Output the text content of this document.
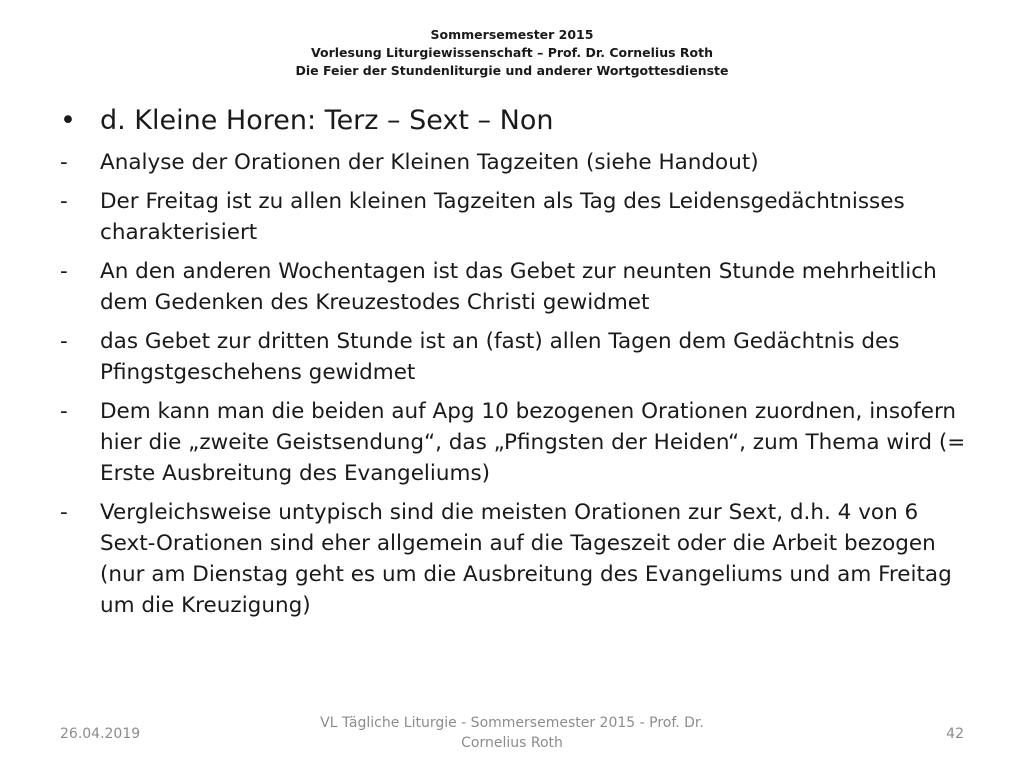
Sommersemester 2015
Vorlesung Liturgiewissenschaft – Prof. Dr. Cornelius Roth
Die Feier der Stundenliturgie und anderer Wortgottesdienste
• d. Kleine Horen: Terz – Sext – Non
- Analyse der Orationen der Kleinen Tagzeiten (siehe Handout)
- Der Freitag ist zu allen kleinen Tagzeiten als Tag des Leidensgedächtnisses charakterisiert
- An den anderen Wochentagen ist das Gebet zur neunten Stunde mehrheitlich dem Gedenken des Kreuzestodes Christi gewidmet
- das Gebet zur dritten Stunde ist an (fast) allen Tagen dem Gedächtnis des Pfingstgeschehens gewidmet
- Dem kann man die beiden auf Apg 10 bezogenen Orationen zuordnen, insofern hier die „zweite Geistsendung“, das „Pfingsten der Heiden“, zum Thema wird (= Erste Ausbreitung des Evangeliums)
- Vergleichsweise untypisch sind die meisten Orationen zur Sext, d.h. 4 von 6 Sext-Orationen sind eher allgemein auf die Tageszeit oder die Arbeit bezogen (nur am Dienstag geht es um die Ausbreitung des Evangeliums und am Freitag um die Kreuzigung)
26.04.2019
VL Tägliche Liturgie - Sommersemester 2015 - Prof. Dr. Cornelius Roth
42
